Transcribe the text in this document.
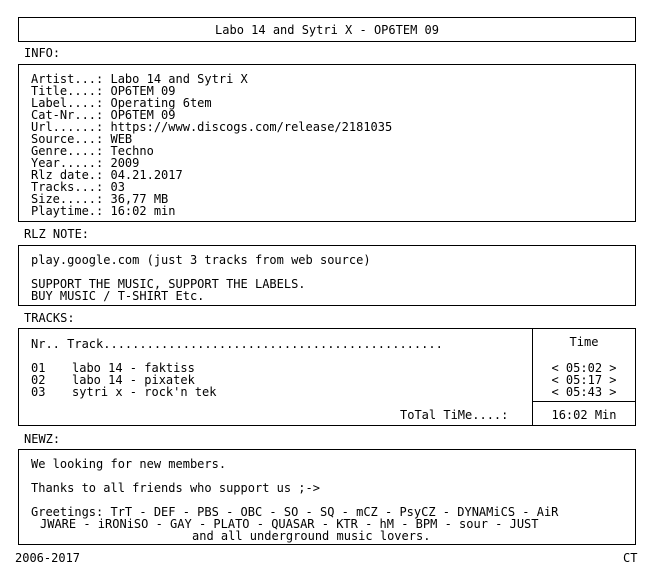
Labo 14 and Sytri X - OP6TEM 09
INFO:
Artist...: Labo 14 and Sytri X
Title....: OP6TEM 09
Label....: Operating 6tem
Cat-Nr...: OP6TEM 09
Url......: https://www.discogs.com/release/2181035
Source...: WEB
Genre....: Techno
Year.....: 2009
Rlz date.: 04.21.2017
Tracks...: 03
Size.....: 36,77 MB
Playtime.: 16:02 min
RLZ NOTE:
play.google.com (just 3 tracks from web source)
SUPPORT THE MUSIC, SUPPORT THE LABELS.
BUY MUSIC / T-SHIRT Etc.
TRACKS:
Nr.. Track...............................................	Time
01 labo 14 - faktiss	< 05:02 >
02 labo 14 - pixatek	< 05:17 >
03 sytri x - rock'n tek	< 05:43 >
ToTal TiMe....:	16:02 Min
NEWZ:
We looking for new members.
Thanks to all friends who support us ;->
Greetings: TrT - DEF - PBS - OBC - SO - SQ - mCZ - PsyCZ - DYNAMiCS - AiR
JWARE - iRONiSO - GAY - PLATO - QUASAR - KTR - hM - BPM - sour - JUST
and all underground music lovers.
2006-2017	CT
